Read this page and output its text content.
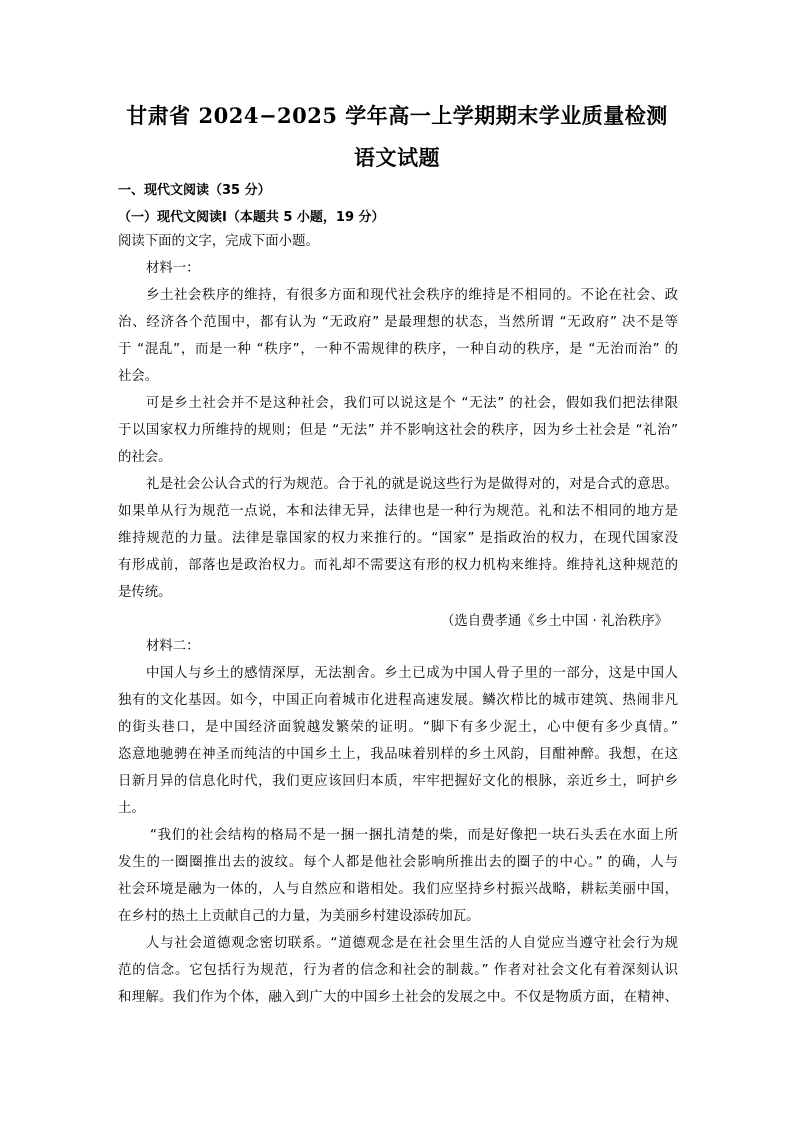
甘肃省 2024−2025 学年高一上学期期末学业质量检测
语文试题
一、现代文阅读（35 分）
（一）现代文阅读Ⅰ（本题共 5 小题，19 分）
阅读下面的文字，完成下面小题。
材料一：
乡土社会秩序的维持，有很多方面和现代社会秩序的维持是不相同的。不论在社会、政
治、经济各个范围中，都有认为 “无政府” 是最理想的状态，当然所谓 “无政府” 决不是等
于 “混乱”，而是一种 “秩序”，一种不需规律的秩序，一种自动的秩序，是 “无治而治” 的
社会。
可是乡土社会并不是这种社会，我们可以说这是个 “无法” 的社会，假如我们把法律限
于以国家权力所维持的规则；但是 “无法” 并不影响这社会的秩序，因为乡土社会是 “礼治”
的社会。
礼是社会公认合式的行为规范。合于礼的就是说这些行为是做得对的，对是合式的意思。
如果单从行为规范一点说，本和法律无异，法律也是一种行为规范。礼和法不相同的地方是
维持规范的力量。法律是靠国家的权力来推行的。“国家” 是指政治的权力，在现代国家没
有形成前，部落也是政治权力。而礼却不需要这有形的权力机构来维持。维持礼这种规范的
是传统。
（选自费孝通《乡土中国 · 礼治秩序》
材料二：
中国人与乡土的感情深厚，无法割舍。乡土已成为中国人骨子里的一部分，这是中国人
独有的文化基因。如今，中国正向着城市化进程高速发展。鳞次栉比的城市建筑、热闹非凡
的街头巷口，是中国经济面貌越发繁荣的证明。“脚下有多少泥土，心中便有多少真情。”
恣意地驰骋在神圣而纯洁的中国乡土上，我品味着别样的乡土风韵，目酣神醉。我想，在这
日新月异的信息化时代，我们更应该回归本质，牢牢把握好文化的根脉，亲近乡土，呵护乡
土。
“我们的社会结构的格局不是一捆一捆扎清楚的柴，而是好像把一块石头丢在水面上所
发生的一圈圈推出去的波纹。每个人都是他社会影响所推出去的圈子的中心。” 的确，人与
社会环境是融为一体的，人与自然应和谐相处。我们应坚持乡村振兴战略，耕耘美丽中国，
在乡村的热土上贡献自己的力量，为美丽乡村建设添砖加瓦。
人与社会道德观念密切联系。“道德观念是在社会里生活的人自觉应当遵守社会行为规
范的信念。它包括行为规范，行为者的信念和社会的制裁。” 作者对社会文化有着深刻认识
和理解。我们作为个体，融入到广大的中国乡土社会的发展之中。不仅是物质方面，在精神、
